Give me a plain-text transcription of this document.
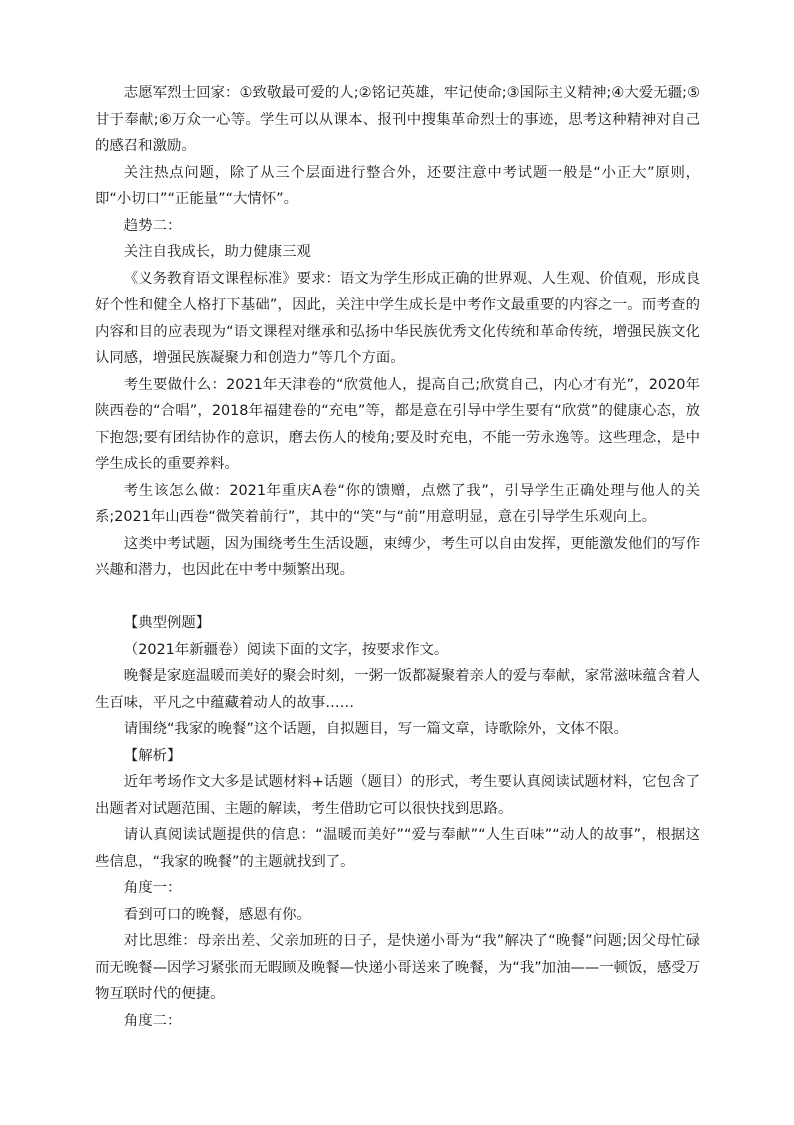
志愿军烈士回家：①致敬最可爱的人;②铭记英雄，牢记使命;③国际主义精神;④大爱无疆;⑤甘于奉献;⑥万众一心等。学生可以从课本、报刊中搜集革命烈士的事迹，思考这种精神对自己的感召和激励。

关注热点问题，除了从三个层面进行整合外，还要注意中考试题一般是“小正大”原则，即“小切口”“正能量”“大情怀”。

趋势二：

关注自我成长，助力健康三观

《义务教育语文课程标准》要求：语文为学生形成正确的世界观、人生观、价值观，形成良好个性和健全人格打下基础”，因此，关注中学生成长是中考作文最重要的内容之一。而考查的内容和目的应表现为“语文课程对继承和弘扬中华民族优秀文化传统和革命传统，增强民族文化认同感，增强民族凝聚力和创造力”等几个方面。

考生要做什么：2021年天津卷的“欣赏他人，提高自己;欣赏自己，内心才有光”，2020年陕西卷的“合唱”，2018年福建卷的“充电”等，都是意在引导中学生要有“欣赏”的健康心态，放下抱怨;要有团结协作的意识，磨去伤人的棱角;要及时充电，不能一劳永逸等。这些理念，是中学生成长的重要养料。

考生该怎么做：2021年重庆A卷“你的馈赠，点燃了我”，引导学生正确处理与他人的关系;2021年山西卷“微笑着前行”，其中的“笑”与“前”用意明显，意在引导学生乐观向上。

这类中考试题，因为围绕考生生活设题，束缚少，考生可以自由发挥，更能激发他们的写作兴趣和潜力，也因此在中考中频繁出现。

【典型例题】

（2021年新疆卷）阅读下面的文字，按要求作文。

晚餐是家庭温暖而美好的聚会时刻，一粥一饭都凝聚着亲人的爱与奉献，家常滋味蕴含着人生百味，平凡之中蕴藏着动人的故事……

请围绕“我家的晚餐”这个话题，自拟题目，写一篇文章，诗歌除外，文体不限。

【解析】

近年考场作文大多是试题材料+话题（题目）的形式，考生要认真阅读试题材料，它包含了出题者对试题范围、主题的解读，考生借助它可以很快找到思路。

请认真阅读试题提供的信息：“温暖而美好”“爱与奉献”“人生百味”“动人的故事”，根据这些信息，“我家的晚餐”的主题就找到了。

角度一：

看到可口的晚餐，感恩有你。

对比思维：母亲出差、父亲加班的日子，是快递小哥为“我”解决了“晚餐”问题;因父母忙碌而无晚餐—因学习紧张而无暇顾及晚餐—快递小哥送来了晚餐，为“我”加油——一顿饭，感受万物互联时代的便捷。

角度二：
